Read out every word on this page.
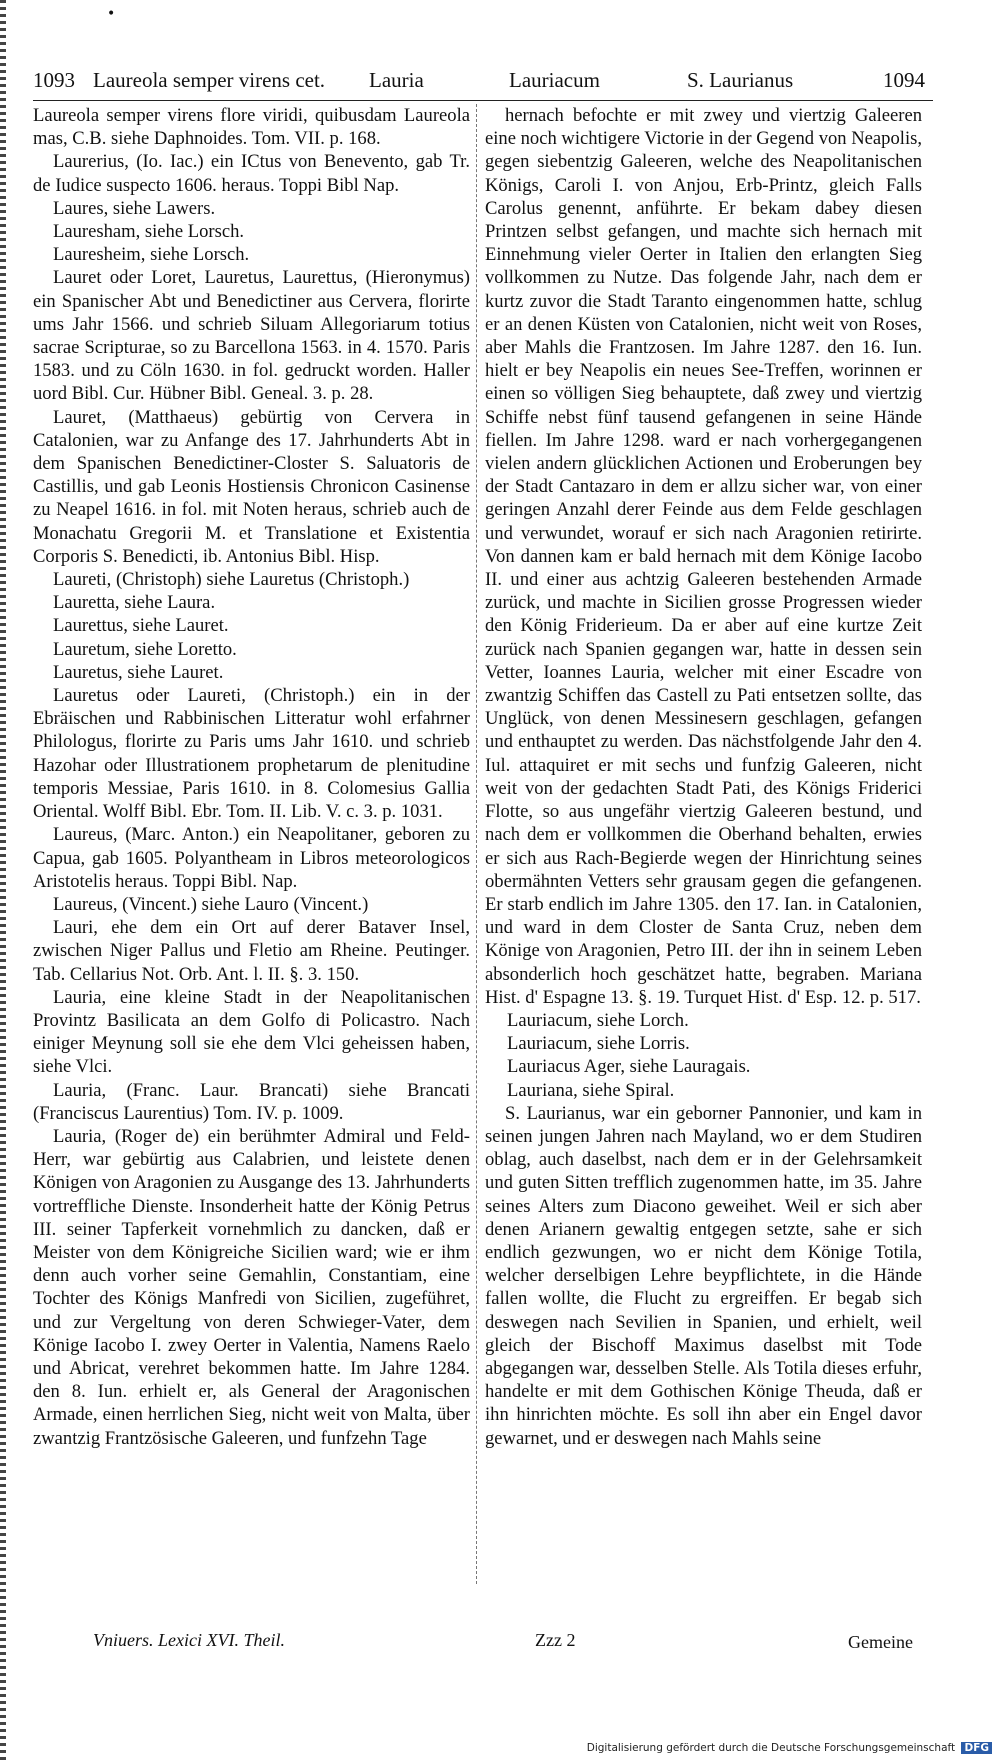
•
1093 Laureola semper virens cet. Lauria	Lauriacum	S. Laurianus	1094

Laureola semper virens flore viridi, quibusdam Laureola mas, C.B. siehe Daphnoides. Tom. VII. p. 168.

Laurerius, (Io. Iac.) ein ICtus von Benevento, gab Tr. de Iudice suspecto 1606. heraus. Toppi Bibl Nap.

Laures, siehe Lawers.

Lauresham, siehe Lorsch.

Lauresheim, siehe Lorsch.

Lauret oder Loret, Lauretus, Laurettus, (Hieronymus) ein Spanischer Abt und Benedictiner aus Cervera, florirte ums Jahr 1566. und schrieb Siluam Allegoriarum totius sacrae Scripturae, so zu Barcellona 1563. in 4. 1570. Paris 1583. und zu Cöln 1630. in fol. gedruckt worden. Haller uord Bibl. Cur. Hübner Bibl. Geneal. 3. p. 28.

Lauret, (Matthaeus) gebürtig von Cervera in Catalonien, war zu Anfange des 17. Jahrhunderts Abt in dem Spanischen Benedictiner-Closter S. Saluatoris de Castillis, und gab Leonis Hostiensis Chronicon Casinense zu Neapel 1616. in fol. mit Noten heraus, schrieb auch de Monachatu Gregorii M. et Translatione et Existentia Corporis S. Benedicti, ib. Antonius Bibl. Hisp.

Laureti, (Christoph) siehe Lauretus (Christoph.)

Lauretta, siehe Laura.

Laurettus, siehe Lauret.

Lauretum, siehe Loretto.

Lauretus, siehe Lauret.

Lauretus oder Laureti, (Christoph.) ein in der Ebräischen und Rabbinischen Litteratur wohl erfahrner Philologus, florirte zu Paris ums Jahr 1610. und schrieb Hazohar oder Illustrationem prophetarum de plenitudine temporis Messiae, Paris 1610. in 8. Colomesius Gallia Oriental. Wolff Bibl. Ebr. Tom. II. Lib. V. c. 3. p. 1031.

Laureus, (Marc. Anton.) ein Neapolitaner, geboren zu Capua, gab 1605. Polyantheam in Libros meteorologicos Aristotelis heraus. Toppi Bibl. Nap.

Laureus, (Vincent.) siehe Lauro (Vincent.)

Lauri, ehe dem ein Ort auf derer Bataver Insel, zwischen Niger Pallus und Fletio am Rheine. Peutinger. Tab. Cellarius Not. Orb. Ant. l. II. §. 3. 150.

Lauria, eine kleine Stadt in der Neapolitanischen Provintz Basilicata an dem Golfo di Policastro. Nach einiger Meynung soll sie ehe dem Vlci geheissen haben, siehe Vlci.

Lauria, (Franc. Laur. Brancati) siehe Brancati (Franciscus Laurentius) Tom. IV. p. 1009.

Lauria, (Roger de) ein berühmter Admiral und Feld-Herr, war gebürtig aus Calabrien, und leistete denen Königen von Aragonien zu Ausgange des 13. Jahrhunderts vortreffliche Dienste. Insonderheit hatte der König Petrus III. seiner Tapferkeit vornehmlich zu dancken, daß er Meister von dem Königreiche Sicilien ward; wie er ihm denn auch vorher seine Gemahlin, Constantiam, eine Tochter des Königs Manfredi von Sicilien, zugeführet, und zur Vergeltung von deren Schwieger-Vater, dem Könige Iacobo I. zwey Oerter in Valentia, Namens Raelo und Abricat, verehret bekommen hatte. Im Jahre 1284. den 8. Iun. erhielt er, als General der Aragonischen Armade, einen herrlichen Sieg, nicht weit von Malta, über zwantzig Frantzösische Galeeren, und funfzehn Tage

hernach befochte er mit zwey und viertzig Galeeren eine noch wichtigere Victorie in der Gegend von Neapolis, gegen siebentzig Galeeren, welche des Neapolitanischen Königs, Caroli I. von Anjou, Erb-Printz, gleich Falls Carolus genennt, anführte. Er bekam dabey diesen Printzen selbst gefangen, und machte sich hernach mit Einnehmung vieler Oerter in Italien den erlangten Sieg vollkommen zu Nutze. Das folgende Jahr, nach dem er kurtz zuvor die Stadt Taranto eingenommen hatte, schlug er an denen Küsten von Catalonien, nicht weit von Roses, aber Mahls die Frantzosen. Im Jahre 1287. den 16. Iun. hielt er bey Neapolis ein neues See-Treffen, worinnen er einen so völligen Sieg behauptete, daß zwey und viertzig Schiffe nebst fünf tausend gefangenen in seine Hände fiellen. Im Jahre 1298. ward er nach vorhergegangenen vielen andern glücklichen Actionen und Eroberungen bey der Stadt Cantazaro in dem er allzu sicher war, von einer geringen Anzahl derer Feinde aus dem Felde geschlagen und verwundet, worauf er sich nach Aragonien retirirte. Von dannen kam er bald hernach mit dem Könige Iacobo II. und einer aus achtzig Galeeren bestehenden Armade zurück, und machte in Sicilien grosse Progressen wieder den König Friderieum. Da er aber auf eine kurtze Zeit zurück nach Spanien gegangen war, hatte in dessen sein Vetter, Ioannes Lauria, welcher mit einer Escadre von zwantzig Schiffen das Castell zu Pati entsetzen sollte, das Unglück, von denen Messinesern geschlagen, gefangen und enthauptet zu werden. Das nächstfolgende Jahr den 4. Iul. attaquiret er mit sechs und funfzig Galeeren, nicht weit von der gedachten Stadt Pati, des Königs Friderici Flotte, so aus ungefähr viertzig Galeeren bestund, und nach dem er vollkommen die Oberhand behalten, erwies er sich aus Rach-Begierde wegen der Hinrichtung seines obermähnten Vetters sehr grausam gegen die gefangenen. Er starb endlich im Jahre 1305. den 17. Ian. in Catalonien, und ward in dem Closter de Santa Cruz, neben dem Könige von Aragonien, Petro III. der ihn in seinem Leben absonderlich hoch geschätzet hatte, begraben. Mariana Hist. d' Espagne 13. §. 19. Turquet Hist. d' Esp. 12. p. 517.

Lauriacum, siehe Lorch.

Lauriacum, siehe Lorris.

Lauriacus Ager, siehe Lauragais.

Lauriana, siehe Spiral.

S. Laurianus, war ein geborner Pannonier, und kam in seinen jungen Jahren nach Mayland, wo er dem Studiren oblag, auch daselbst, nach dem er in der Gelehrsamkeit und guten Sitten trefflich zugenommen hatte, im 35. Jahre seines Alters zum Diacono geweihet. Weil er sich aber denen Arianern gewaltig entgegen setzte, sahe er sich endlich gezwungen, wo er nicht dem Könige Totila, welcher derselbigen Lehre beypflichtete, in die Hände fallen wollte, die Flucht zu ergreiffen. Er begab sich deswegen nach Sevilien in Spanien, und erhielt, weil gleich der Bischoff Maximus daselbst mit Tode abgegangen war, desselben Stelle. Als Totila dieses erfuhr, handelte er mit dem Gothischen Könige Theuda, daß er ihn hinrichten möchte. Es soll ihn aber ein Engel davor gewarnet, und er deswegen nach Mahls seine

Vniuers. Lexici XVI. Theil.	Zzz 2	Gemeine
Digitalisierung gefördert durch die Deutsche Forschungsgemeinschaft DFG
